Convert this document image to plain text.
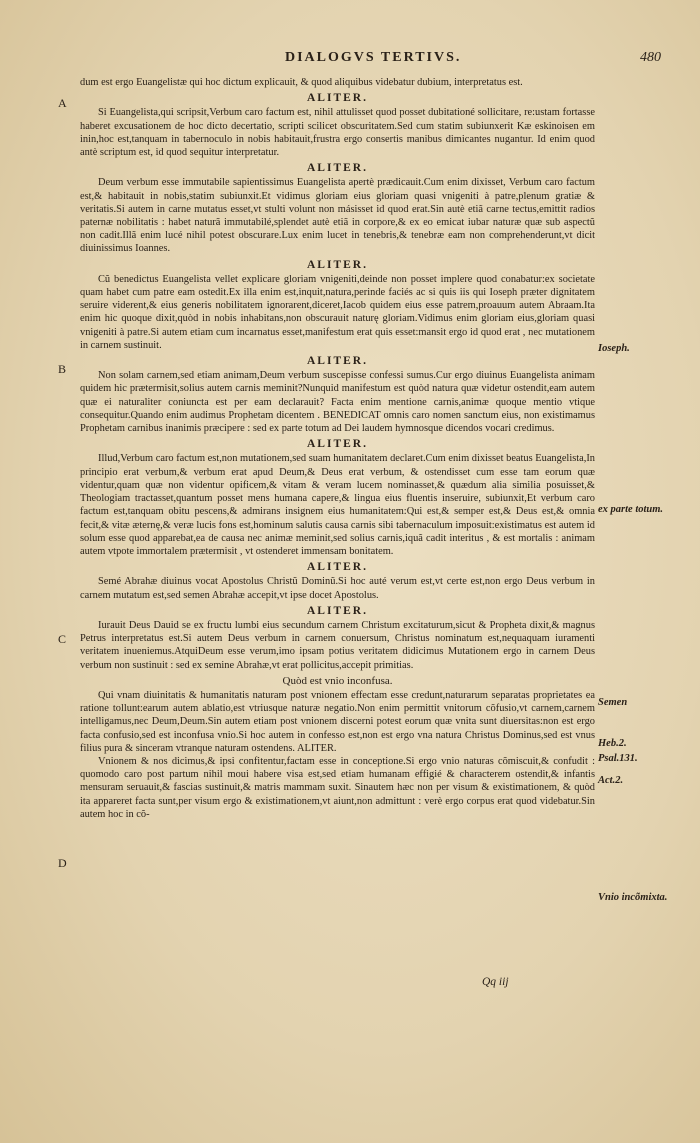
DIALOGVS TERTIVS.	480
A
B
C
D
Ioseph.
ex parte totum.
Semen
Heb.2.
Psal.131.
Act.2.
Vnio incõmixta.

dum est ergo Euangelistæ qui hoc dictum explicauit, & quod aliquibus videbatur dubium, interpretatus est.

ALITER.

Si Euangelista,qui scripsit,Verbum caro factum est, nihil attulisset quod posset dubitationé sollicitare, re:ustam fortasse haberet excusationem de hoc dicto decertatio, scripti scilicet obscuritatem.Sed cum statim subiunxerit Kæ eskinoisen em inin,hoc est,tanquam in tabernoculo in nobis habitauit,frustra ergo consertis manibus dimicantes nugantur. Id enim quod antè scriptum est, id quod sequitur interpretatur.

ALITER.

Deum verbum esse immutabile sapientissimus Euangelista apertè prædicauit.Cum enim dixisset, Verbum caro factum est,& habitauit in nobis,statim subiunxit.Et vidimus gloriam eius gloriam quasi vnigeniti à patre,plenum gratiæ & veritatis.Si autem in carne mutatus esset,vt stulti volunt non másisset id quod erat.Sin autè etiã carne tectus,emittit radios paternæ nobilitatis : habet naturã immutabilé,splendet autè etiã in corpore,& ex eo emicat iubar naturæ quæ sub aspectũ non cadit.Illã enim lucé nihil potest obscurare.Lux enim lucet in tenebris,& tenebræ eam non comprehenderunt,vt dicit diuinissimus Ioannes.

ALITER.

Cũ benedictus Euangelista vellet explicare gloriam vnigeniti,deinde non posset implere quod conabatur:ex societate quam habet cum patre eam ostedit.Ex illa enim est,inquit,natura,perinde faciés ac si quis iis qui Ioseph præter dignitatem seruire viderent,& eius generis nobilitatem ignorarent,diceret,Iacob quidem eius esse patrem,proauum autem Abraam.Ita enim hic quoque dixit,quòd in nobis inhabitans,non obscurauit naturę gloriam.Vidimus enim gloriam eius,gloriam quasi vnigeniti à patre.Si autem etiam cum incarnatus esset,manifestum erat quis esset:mansit ergo id quod erat , nec mutationem in carnem sustinuit.

ALITER.

Non solam carnem,sed etiam animam,Deum verbum suscepisse confessi sumus.Cur ergo diuinus Euangelista animam quidem hic prætermisit,solius autem carnis meminit?Nunquid manifestum est quòd natura quæ videtur ostendit,eam autem quæ ei naturaliter coniuncta est per eam declarauit? Facta enim mentione carnis,animæ quoque mentio vtique consequitur.Quando enim audimus Prophetam dicentem . BENEDICAT omnis caro nomen sanctum eius, non existimamus Prophetam carnibus inanimis præcipere : sed ex parte totum ad Dei laudem hymnosque dicendos vocari credimus.

ALITER.

Illud,Verbum caro factum est,non mutationem,sed suam humanitatem declaret.Cum enim dixisset beatus Euangelista,In principio erat verbum,& verbum erat apud Deum,& Deus erat verbum, & ostendisset cum esse tam eorum quæ videntur,quam quæ non videntur opificem,& vitam & veram lucem nominasset,& quædum alia similia posuisset,& Theologiam tractasset,quantum posset mens humana capere,& lingua eius fluentis inseruire, subiunxit,Et verbum caro factum est,tanquam obitu pescens,& admirans insignem eius humanitatem:Qui est,& semper est,& Deus est,& omnia fecit,& vitæ æternę,& veræ lucis fons est,hominum salutis causa carnis sibi tabernaculum imposuit:existimatus est autem id solum esse quod apparebat,ea de causa nec animæ meminit,sed solius carnis,iquã cadit interitus , & est mortalis : animam autem vtpote immortalem prætermisit , vt ostenderet immensam bonitatem.

ALITER.

Semé Abrahæ diuinus vocat Apostolus Christũ Dominũ.Si hoc auté verum est,vt certe est,non ergo Deus verbum in carnem mutatum est,sed semen Abrahæ accepit,vt ipse docet Apostolus.

ALITER.

Iurauit Deus Dauid se ex fructu lumbi eius secundum carnem Christum excitaturum,sicut & Propheta dixit,& magnus Petrus interpretatus est.Si autem Deus verbum in carnem conuersum, Christus nominatum est,nequaquam iuramenti veritatem inueniemus.AtquiDeum esse verum,imo ipsam potius veritatem didicimus Mutationem ergo in carnem Deus verbum non sustinuit : sed ex semine Abrahæ,vt erat pollicitus,accepit primitias.

Quòd est vnio inconfusa.

Qui vnam diuinitatis & humanitatis naturam post vnionem effectam esse credunt,naturarum separatas proprietates ea ratione tollunt:earum autem ablatio,est vtriusque naturæ negatio.Non enim permittit vnitorum cõfusio,vt carnem,carnem intelligamus,nec Deum,Deum.Sin autem etiam post vnionem discerni potest eorum quæ vnita sunt diuersitas:non est ergo facta confusio,sed est inconfusa vnio.Si hoc autem in confesso est,non est ergo vna natura Christus Dominus,sed est vnus filius pura & sinceram vtranque naturam ostendens. ALITER.

Vnionem & nos dicimus,& ipsi confitentur,factam esse in conceptione.Si ergo vnio naturas cõmiscuit,& confudit : quomodo caro post partum nihil moui habere visa est,sed etiam humanam effigié & characterem ostendit,& infantis mensuram seruauit,& fascias sustinuit,& matris mammam suxit. Sinautem hæc non per visum & existimationem, & quòd ita appareret facta sunt,per visum ergo & existimationem,vt aiunt,non admittunt : verè ergo corpus erat quod videbatur.Sin autem hoc in cõ-

Qq iij
